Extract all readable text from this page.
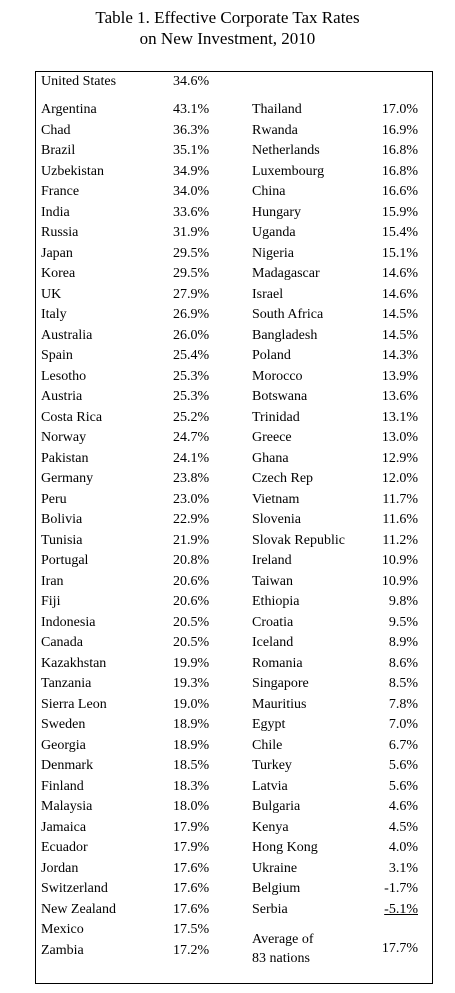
Table 1. Effective Corporate Tax Rates
on New Investment, 2010
United States	34.6%
Argentina	43.1%
Chad	36.3%
Brazil	35.1%
Uzbekistan	34.9%
France	34.0%
India	33.6%
Russia	31.9%
Japan	29.5%
Korea	29.5%
UK	27.9%
Italy	26.9%
Australia	26.0%
Spain	25.4%
Lesotho	25.3%
Austria	25.3%
Costa Rica	25.2%
Norway	24.7%
Pakistan	24.1%
Germany	23.8%
Peru	23.0%
Bolivia	22.9%
Tunisia	21.9%
Portugal	20.8%
Iran	20.6%
Fiji	20.6%
Indonesia	20.5%
Canada	20.5%
Kazakhstan	19.9%
Tanzania	19.3%
Sierra Leon	19.0%
Sweden	18.9%
Georgia	18.9%
Denmark	18.5%
Finland	18.3%
Malaysia	18.0%
Jamaica	17.9%
Ecuador	17.9%
Jordan	17.6%
Switzerland	17.6%
New Zealand	17.6%
Mexico	17.5%
Zambia	17.2%
Thailand	17.0%
Rwanda	16.9%
Netherlands	16.8%
Luxembourg	16.8%
China	16.6%
Hungary	15.9%
Uganda	15.4%
Nigeria	15.1%
Madagascar	14.6%
Israel	14.6%
South Africa	14.5%
Bangladesh	14.5%
Poland	14.3%
Morocco	13.9%
Botswana	13.6%
Trinidad	13.1%
Greece	13.0%
Ghana	12.9%
Czech Rep	12.0%
Vietnam	11.7%
Slovenia	11.6%
Slovak Republic	11.2%
Ireland	10.9%
Taiwan	10.9%
Ethiopia	9.8%
Croatia	9.5%
Iceland	8.9%
Romania	8.6%
Singapore	8.5%
Mauritius	7.8%
Egypt	7.0%
Chile	6.7%
Turkey	5.6%
Latvia	5.6%
Bulgaria	4.6%
Kenya	4.5%
Hong Kong	4.0%
Ukraine	3.1%
Belgium	-1.7%
Serbia	-5.1%
Average of
83 nations
17.7%
